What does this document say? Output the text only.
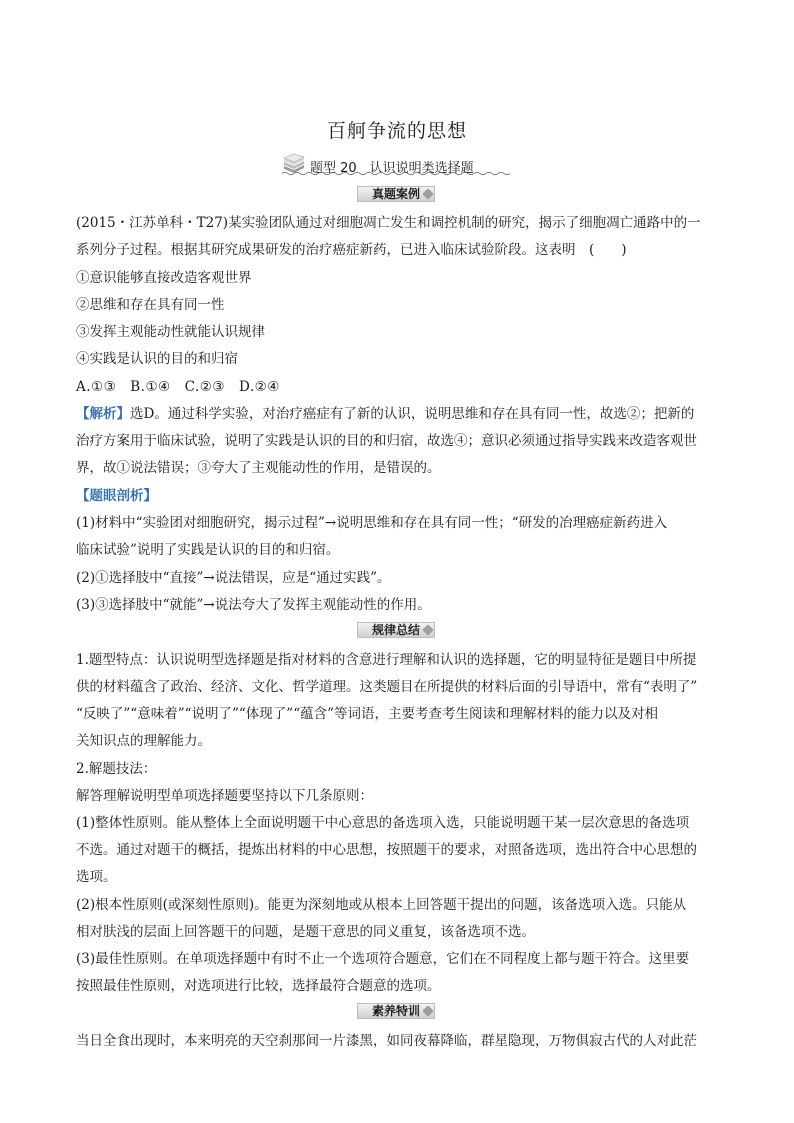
百舸争流的思想
题型 20　认识说明类选择题
真题案例
(2015・江苏单科・T27)某实验团队通过对细胞凋亡发生和调控机制的研究，揭示了细胞凋亡通路中的一
系列分子过程。根据其研究成果研发的治疗癌症新药，已进入临床试验阶段。这表明　(　　)
①意识能够直接改造客观世界
②思维和存在具有同一性
③发挥主观能动性就能认识规律
④实践是认识的目的和归宿
A.①③　B.①④　C.②③　D.②④
【解析】选D。通过科学实验，对治疗癌症有了新的认识，说明思维和存在具有同一性，故选②；把新的
治疗方案用于临床试验，说明了实践是认识的目的和归宿，故选④；意识必须通过指导实践来改造客观世
界，故①说法错误；③夸大了主观能动性的作用，是错误的。
【题眼剖析】
(1)材料中“实验团对细胞研究，揭示过程”→说明思维和存在具有同一性；“研发的冶理癌症新药进入
临床试验”说明了实践是认识的目的和归宿。
(2)①选择肢中“直接”→说法错误，应是“通过实践”。
(3)③选择肢中“就能”→说法夸大了发挥主观能动性的作用。
规律总结
1.题型特点：认识说明型选择题是指对材料的含意进行理解和认识的选择题，它的明显特征是题目中所提
供的材料蕴含了政治、经济、文化、哲学道理。这类题目在所提供的材料后面的引导语中，常有“表明了”
“反映了”“意味着”“说明了”“体现了”“蕴含”等词语，主要考查考生阅读和理解材料的能力以及对相
关知识点的理解能力。
2.解题技法：
解答理解说明型单项选择题要坚持以下几条原则：
(1)整体性原则。能从整体上全面说明题干中心意思的备选项入选，只能说明题干某一层次意思的备选项
不选。通过对题干的概括，提炼出材料的中心思想，按照题干的要求，对照备选项，选出符合中心思想的
选项。
(2)根本性原则(或深刻性原则)。能更为深刻地或从根本上回答题干提出的问题，该备选项入选。只能从
相对肤浅的层面上回答题干的问题，是题干意思的同义重复，该备选项不选。
(3)最佳性原则。在单项选择题中有时不止一个选项符合题意，它们在不同程度上都与题干符合。这里要
按照最佳性原则，对选项进行比较，选择最符合题意的选项。
素养特训
当日全食出现时，本来明亮的天空刹那间一片漆黑，如同夜幕降临，群星隐现，万物俱寂古代的人对此茫
